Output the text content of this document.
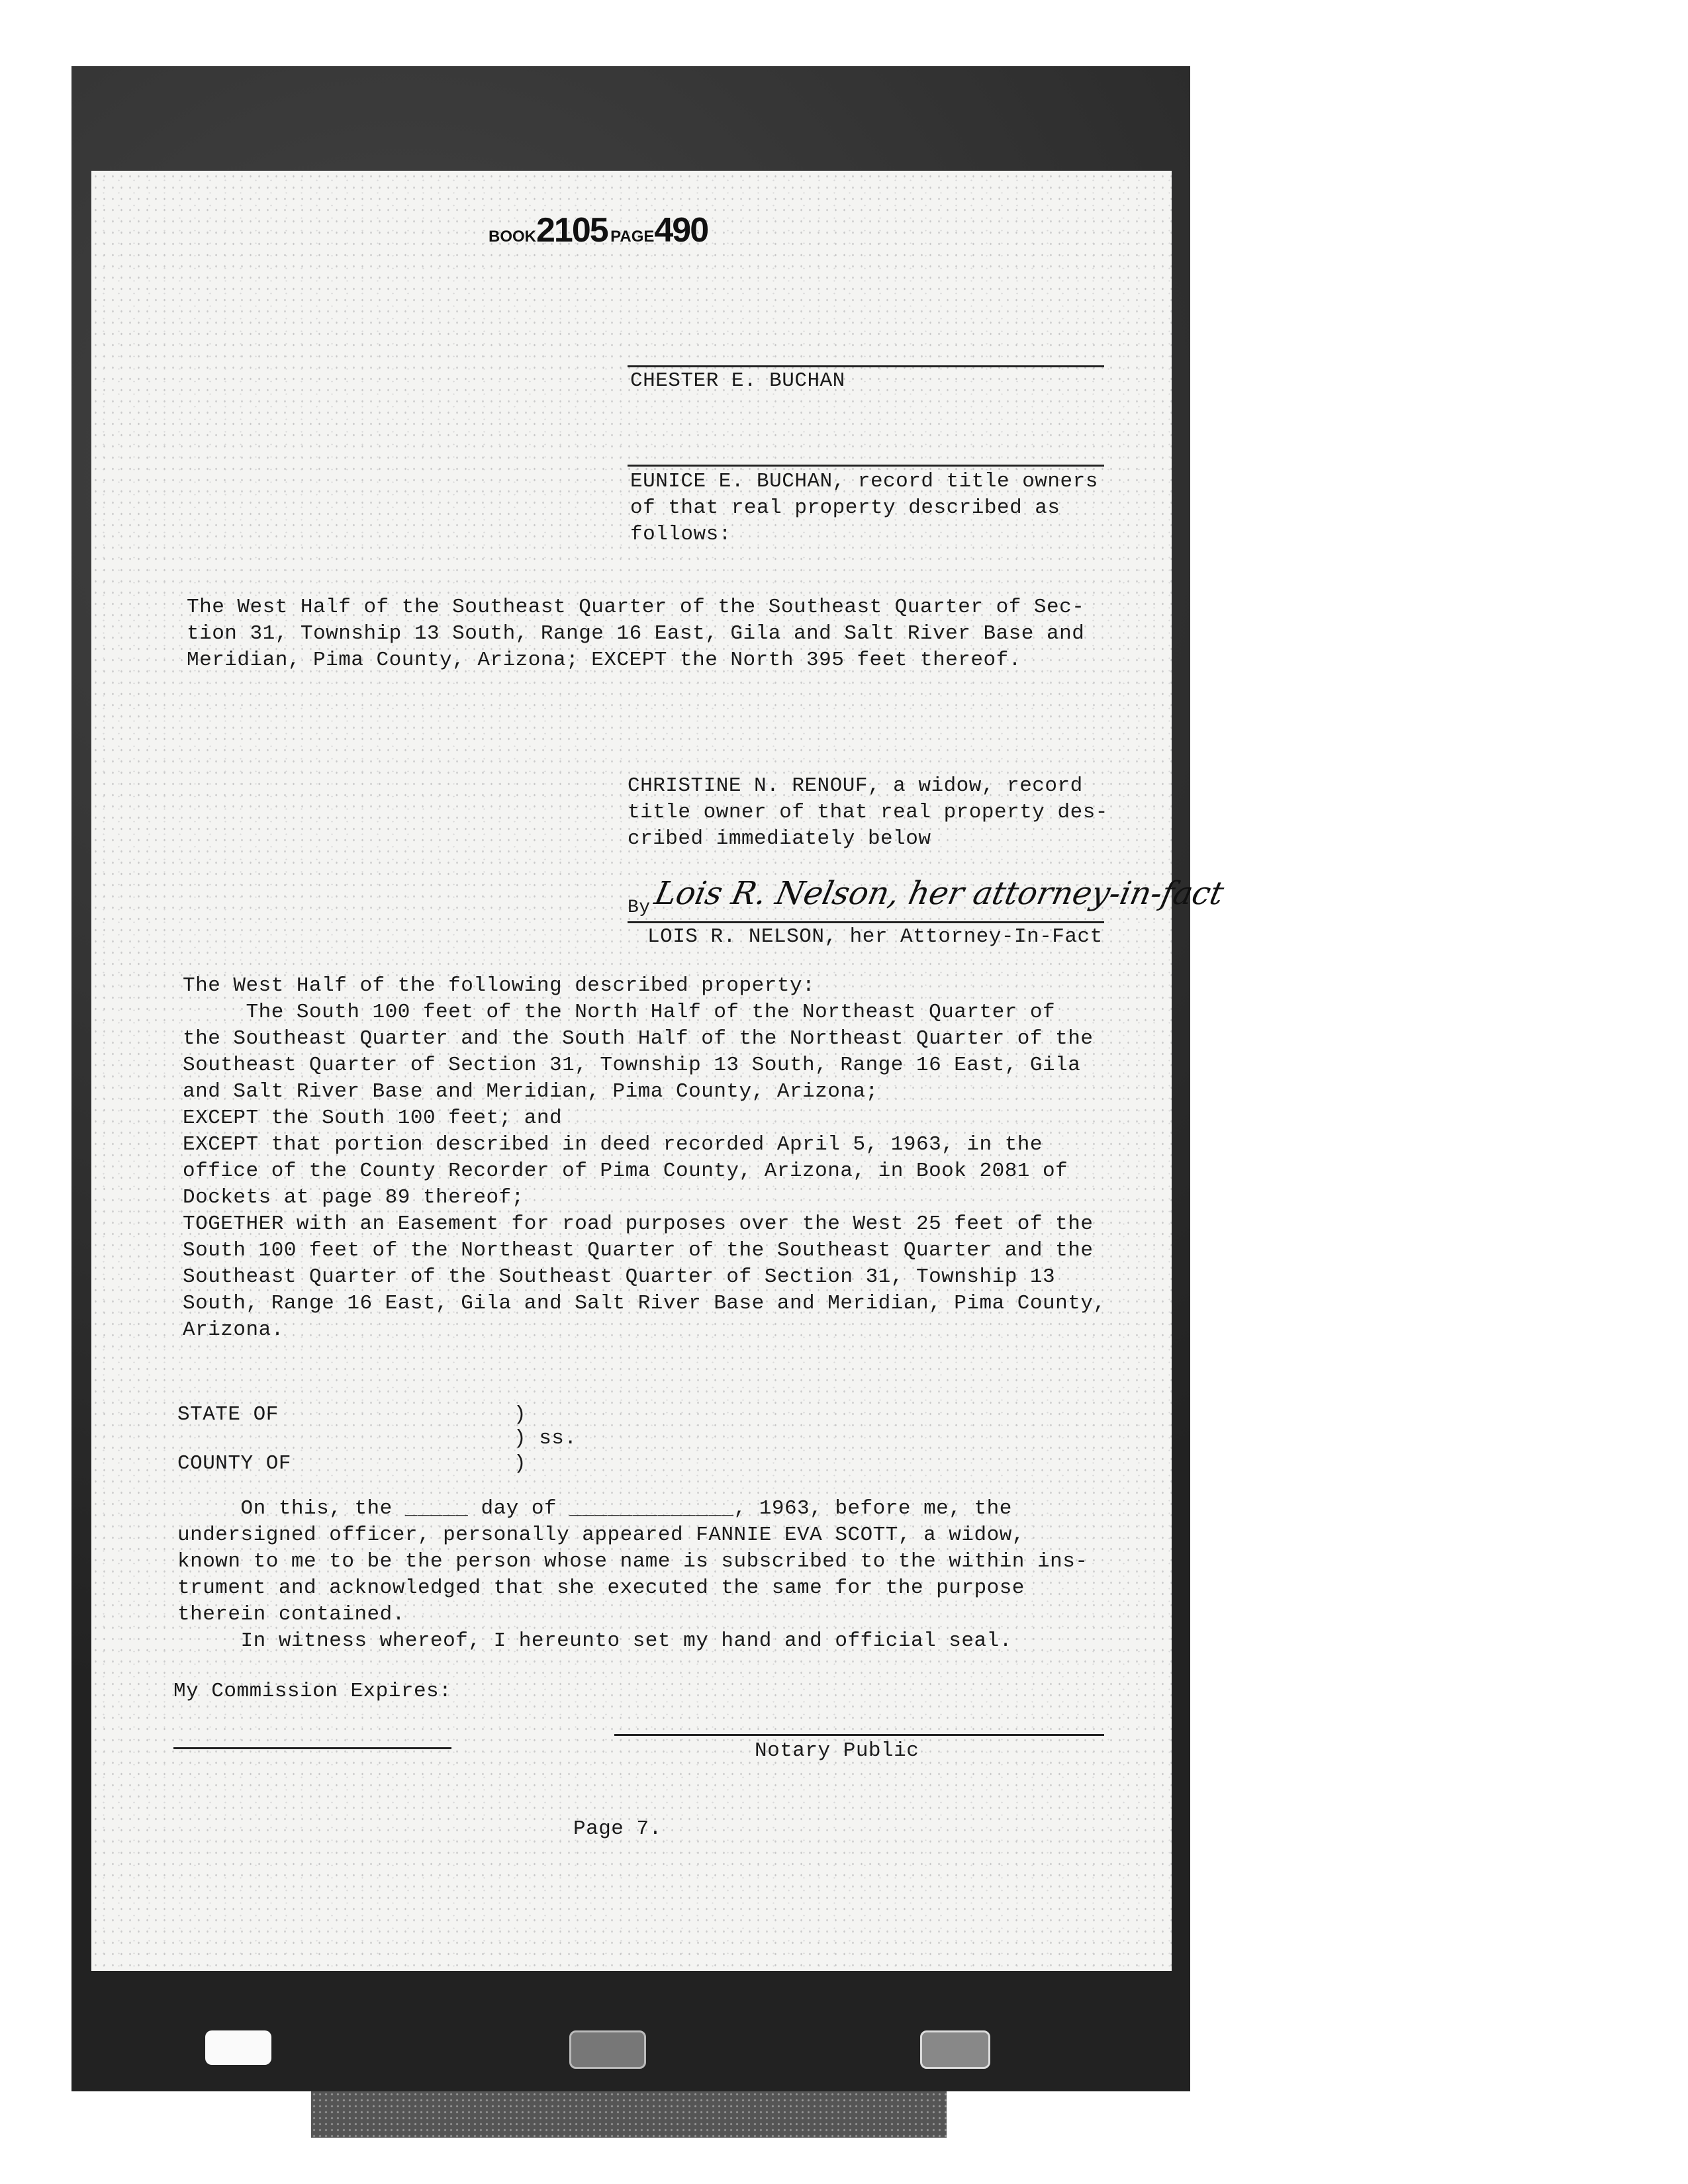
BOOK2105 PAGE490
CHESTER E. BUCHAN
EUNICE E. BUCHAN, record title owners
of that real property described as
follows:
The West Half of the Southeast Quarter of the Southeast Quarter of Sec-
tion 31, Township 13 South, Range 16 East, Gila and Salt River Base and
Meridian, Pima County, Arizona; EXCEPT the North 395 feet thereof.
CHRISTINE N. RENOUF, a widow, record
title owner of that real property des-
cribed immediately below
By Lois R. Nelson, her attorney-in-fact
LOIS R. NELSON, her Attorney-In-Fact
The West Half of the following described property:
The South 100 feet of the North Half of the Northeast Quarter of
the Southeast Quarter and the South Half of the Northeast Quarter of the
Southeast Quarter of Section 31, Township 13 South, Range 16 East, Gila
and Salt River Base and Meridian, Pima County, Arizona;
EXCEPT the South 100 feet; and
EXCEPT that portion described in deed recorded April 5, 1963, in the
office of the County Recorder of Pima County, Arizona, in Book 2081 of
Dockets at page 89 thereof;
TOGETHER with an Easement for road purposes over the West 25 feet of the
South 100 feet of the Northeast Quarter of the Southeast Quarter and the
Southeast Quarter of the Southeast Quarter of Section 31, Township 13
South, Range 16 East, Gila and Salt River Base and Meridian, Pima County,
Arizona.
STATE OF	)
) ss.
)
COUNTY OF
On this, the _____ day of _____________, 1963, before me, the
undersigned officer, personally appeared FANNIE EVA SCOTT, a widow,
known to me to be the person whose name is subscribed to the within ins-
trument and acknowledged that she executed the same for the purpose
therein contained.
In witness whereof, I hereunto set my hand and official seal.
My Commission Expires:
Notary Public
Page 7.
